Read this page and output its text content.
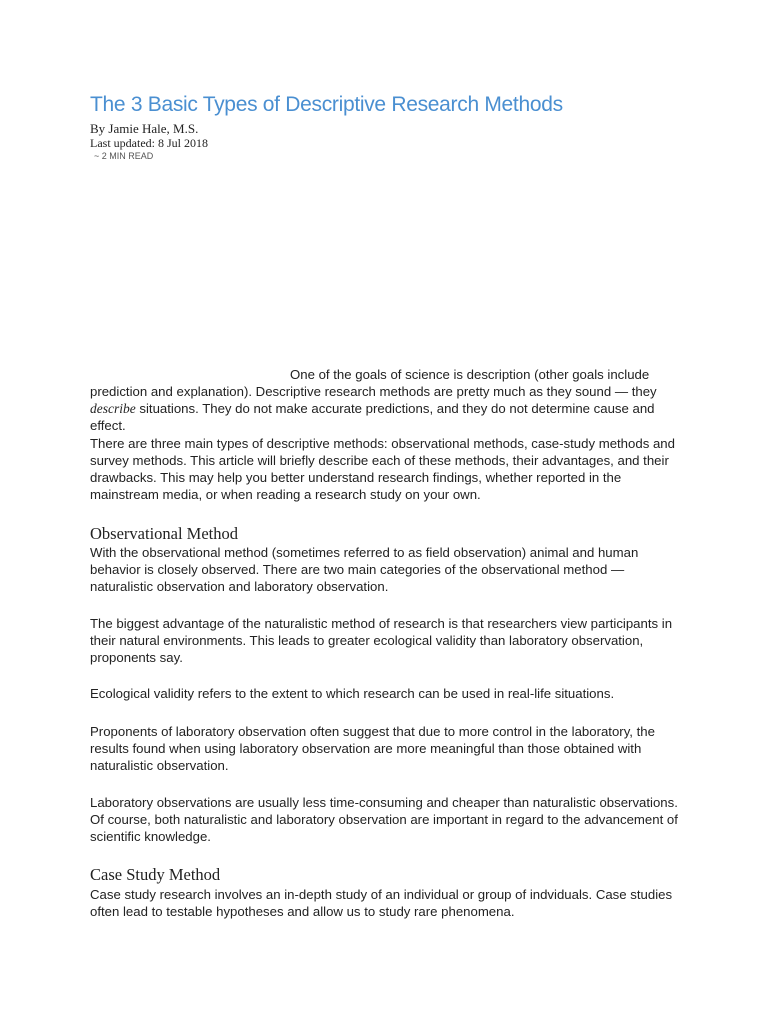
The 3 Basic Types of Descriptive Research Methods
By Jamie Hale, M.S.
Last updated: 8 Jul 2018
~ 2 MIN READ

One of the goals of science is description (other goals include prediction and explanation). Descriptive research methods are pretty much as they sound — they describe situations. They do not make accurate predictions, and they do not determine cause and effect.

There are three main types of descriptive methods: observational methods, case-study methods and survey methods. This article will briefly describe each of these methods, their advantages, and their drawbacks. This may help you better understand research findings, whether reported in the mainstream media, or when reading a research study on your own.

Observational Method

With the observational method (sometimes referred to as field observation) animal and human behavior is closely observed. There are two main categories of the observational method — naturalistic observation and laboratory observation.

The biggest advantage of the naturalistic method of research is that researchers view participants in their natural environments. This leads to greater ecological validity than laboratory observation, proponents say.

Ecological validity refers to the extent to which research can be used in real-life situations.

Proponents of laboratory observation often suggest that due to more control in the laboratory, the results found when using laboratory observation are more meaningful than those obtained with naturalistic observation.

Laboratory observations are usually less time-consuming and cheaper than naturalistic observations. Of course, both naturalistic and laboratory observation are important in regard to the advancement of scientific knowledge.

Case Study Method

Case study research involves an in-depth study of an individual or group of indviduals. Case studies often lead to testable hypotheses and allow us to study rare phenomena.
